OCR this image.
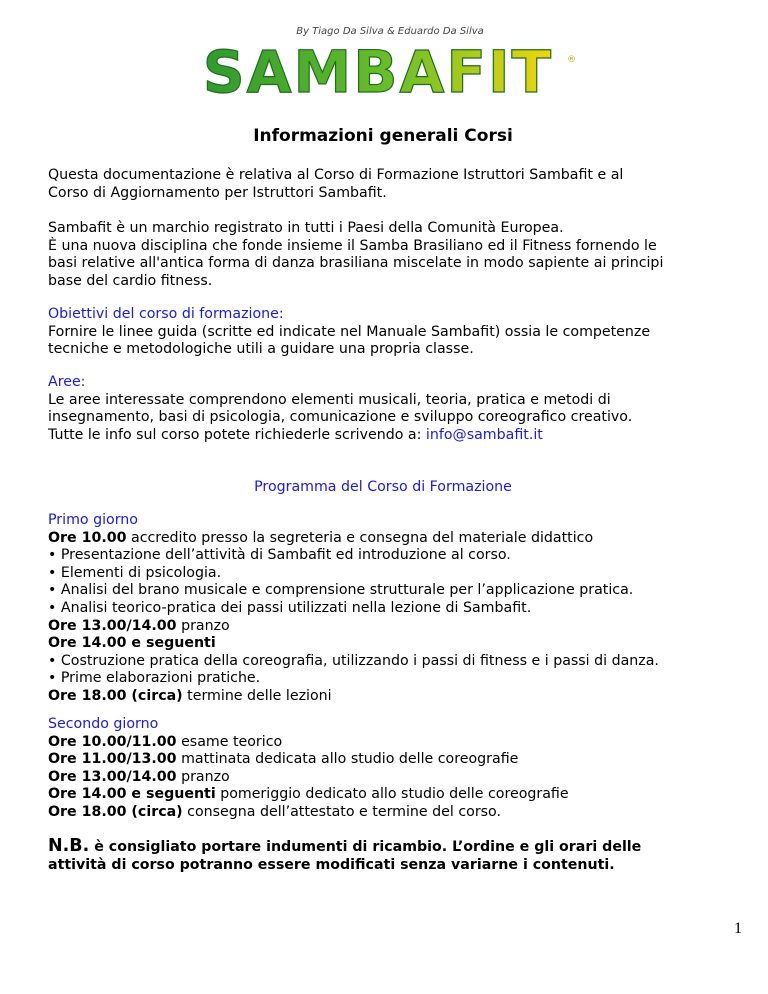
By Tiago Da Silva & Eduardo Da Silva
SAMBAFIT ®
Informazioni generali Corsi

Questa documentazione è relativa al Corso di Formazione Istruttori Sambafit e al

Corso di Aggiornamento per Istruttori Sambafit.

Sambafit è un marchio registrato in tutti i Paesi della Comunità Europea.

È una nuova disciplina che fonde insieme il Samba Brasiliano ed il Fitness fornendo le

basi relative all'antica forma di danza brasiliana miscelate in modo sapiente ai principi

base del cardio fitness.

Obiettivi del corso di formazione:

Fornire le linee guida (scritte ed indicate nel Manuale Sambafit) ossia le competenze

tecniche e metodologiche utili a guidare una propria classe.

Aree:

Le aree interessate comprendono elementi musicali, teoria, pratica e metodi di

insegnamento, basi di psicologia, comunicazione e sviluppo coreografico creativo.

Tutte le info sul corso potete richiederle scrivendo a: info@sambafit.it

Programma del Corso di Formazione

Primo giorno

Ore 10.00 accredito presso la segreteria e consegna del materiale didattico

• Presentazione dell’attività di Sambafit ed introduzione al corso.

• Elementi di psicologia.

• Analisi del brano musicale e comprensione strutturale per l’applicazione pratica.

• Analisi teorico-pratica dei passi utilizzati nella lezione di Sambafit.

Ore 13.00/14.00 pranzo

Ore 14.00 e seguenti

• Costruzione pratica della coreografia, utilizzando i passi di fitness e i passi di danza.

• Prime elaborazioni pratiche.

Ore 18.00 (circa) termine delle lezioni

Secondo giorno

Ore 10.00/11.00 esame teorico

Ore 11.00/13.00 mattinata dedicata allo studio delle coreografie

Ore 13.00/14.00 pranzo

Ore 14.00 e seguenti pomeriggio dedicato allo studio delle coreografie

Ore 18.00 (circa) consegna dell’attestato e termine del corso.

N.B. è consigliato portare indumenti di ricambio. L’ordine e gli orari delle

attività di corso potranno essere modificati senza variarne i contenuti.

1
